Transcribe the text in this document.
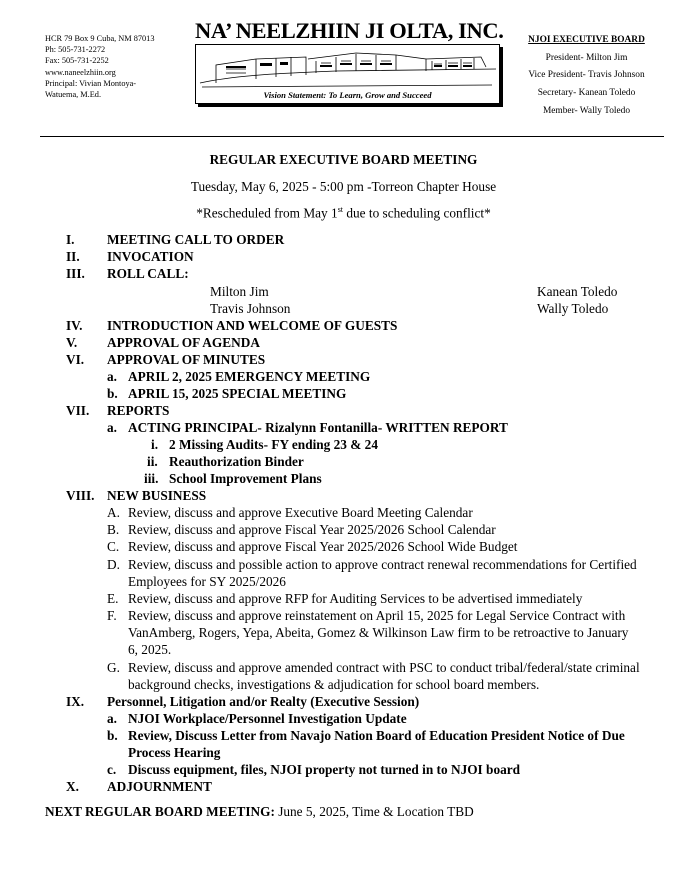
HCR 79 Box 9 Cuba, NM 87013
Ph: 505-731-2272
Fax: 505-731-2252
www.naneelzhiin.org
Principal: Vivian Montoya-
Watuema, M.Ed.
NA’ NEELZHIIN JI OLTA, INC.
Vision Statement: To Learn, Grow and Succeed
NJOI EXECUTIVE BOARD
President- Milton Jim
Vice President- Travis Johnson
Secretary- Kanean Toledo
Member- Wally Toledo
REGULAR EXECUTIVE BOARD MEETING
Tuesday, May 6, 2025 - 5:00 pm -Torreon Chapter House
*Rescheduled from May 1st due to scheduling conflict*
I. MEETING CALL TO ORDER
II. INVOCATION
III. ROLL CALL:
Milton Jim	Kanean Toledo
Travis Johnson	Wally Toledo
IV. INTRODUCTION AND WELCOME OF GUESTS
V. APPROVAL OF AGENDA
VI. APPROVAL OF MINUTES
a. APRIL 2, 2025 EMERGENCY MEETING
b. APRIL 15, 2025 SPECIAL MEETING
VII. REPORTS
a. ACTING PRINCIPAL- Rizalynn Fontanilla- WRITTEN REPORT
i. 2 Missing Audits- FY ending 23 & 24
ii. Reauthorization Binder
iii. School Improvement Plans
VIII. NEW BUSINESS
A. Review, discuss and approve Executive Board Meeting Calendar
B. Review, discuss and approve Fiscal Year 2025/2026 School Calendar
C. Review, discuss and approve Fiscal Year 2025/2026 School Wide Budget
D. Review, discuss and possible action to approve contract renewal recommendations for Certified
Employees for SY 2025/2026
E. Review, discuss and approve RFP for Auditing Services to be advertised immediately
F. Review, discuss and approve reinstatement on April 15, 2025 for Legal Service Contract with
VanAmberg, Rogers, Yepa, Abeita, Gomez & Wilkinson Law firm to be retroactive to January
6, 2025.
G. Review, discuss and approve amended contract with PSC to conduct tribal/federal/state criminal
background checks, investigations & adjudication for school board members.
IX. Personnel, Litigation and/or Realty (Executive Session)
a. NJOI Workplace/Personnel Investigation Update
b. Review, Discuss Letter from Navajo Nation Board of Education President Notice of Due
Process Hearing
c. Discuss equipment, files, NJOI property not turned in to NJOI board
X. ADJOURNMENT
NEXT REGULAR BOARD MEETING: June 5, 2025, Time & Location TBD
